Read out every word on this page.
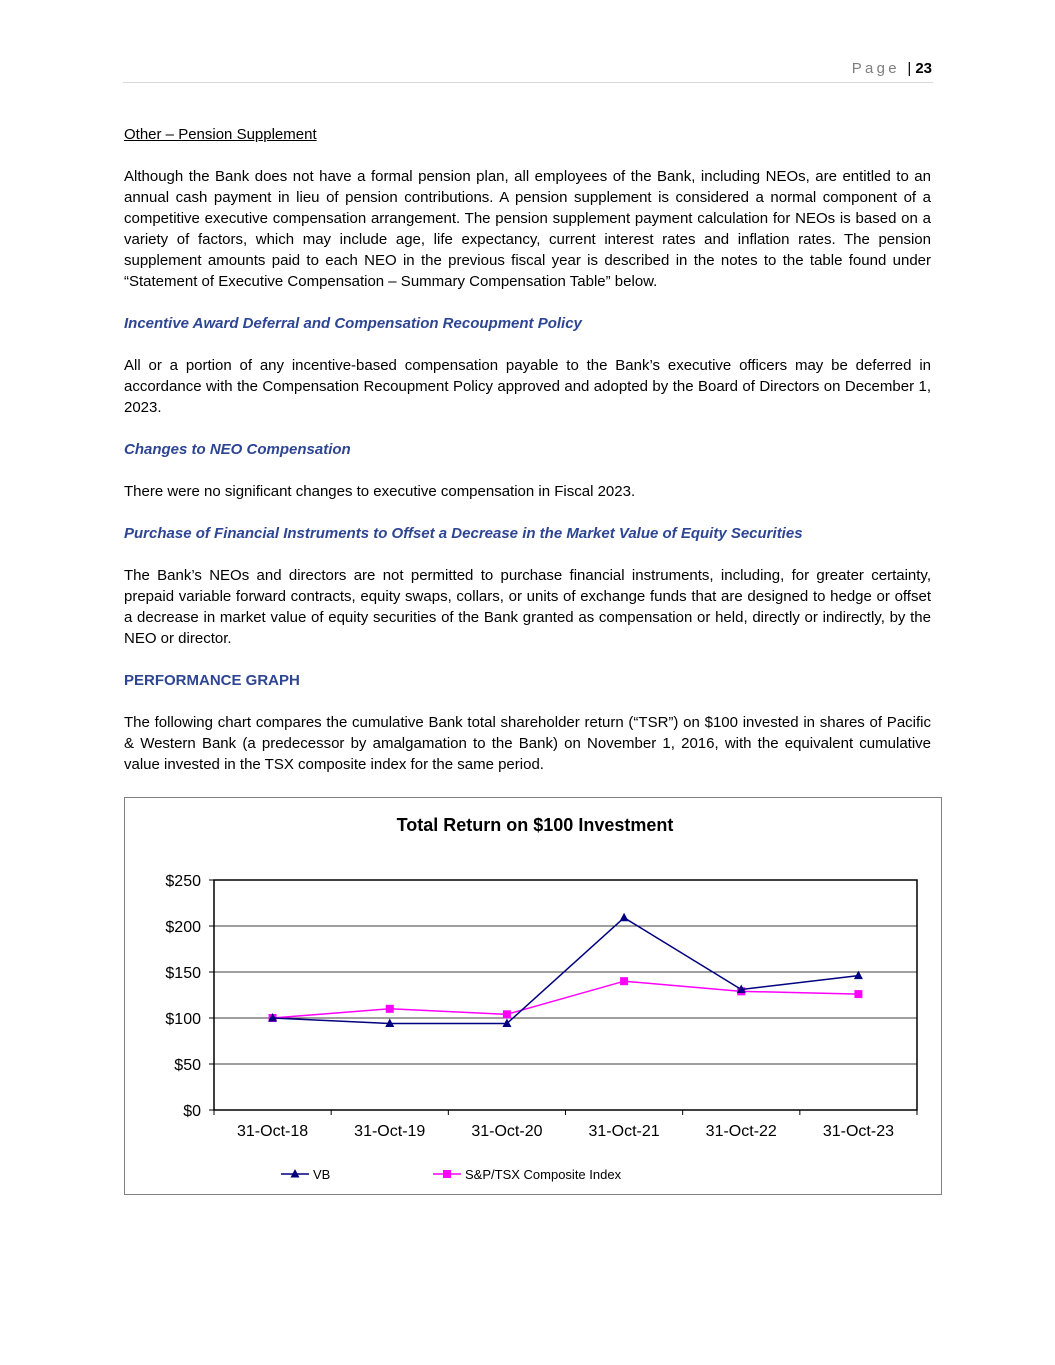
Page | 23

Other – Pension Supplement

Although the Bank does not have a formal pension plan, all employees of the Bank, including NEOs, are entitled to an annual cash payment in lieu of pension contributions. A pension supplement is considered a normal component of a competitive executive compensation arrangement. The pension supplement payment calculation for NEOs is based on a variety of factors, which may include age, life expectancy, current interest rates and inflation rates. The pension supplement amounts paid to each NEO in the previous fiscal year is described in the notes to the table found under “Statement of Executive Compensation – Summary Compensation Table” below.

Incentive Award Deferral and Compensation Recoupment Policy

All or a portion of any incentive-based compensation payable to the Bank’s executive officers may be deferred in accordance with the Compensation Recoupment Policy approved and adopted by the Board of Directors on December 1, 2023.

Changes to NEO Compensation

There were no significant changes to executive compensation in Fiscal 2023.

Purchase of Financial Instruments to Offset a Decrease in the Market Value of Equity Securities

The Bank’s NEOs and directors are not permitted to purchase financial instruments, including, for greater certainty, prepaid variable forward contracts, equity swaps, collars, or units of exchange funds that are designed to hedge or offset a decrease in market value of equity securities of the Bank granted as compensation or held, directly or indirectly, by the NEO or director.

PERFORMANCE GRAPH

The following chart compares the cumulative Bank total shareholder return (“TSR”) on $100 invested in shares of Pacific & Western Bank (a predecessor by amalgamation to the Bank) on November 1, 2016, with the equivalent cumulative value invested in the TSX composite index for the same period.

Total Return on $100 Investment
$0
$50
$100
$150
$200
$250
31-Oct-18	31-Oct-19	31-Oct-20	31-Oct-21	31-Oct-22	31-Oct-23
VB	S&P/TSX Composite Index
